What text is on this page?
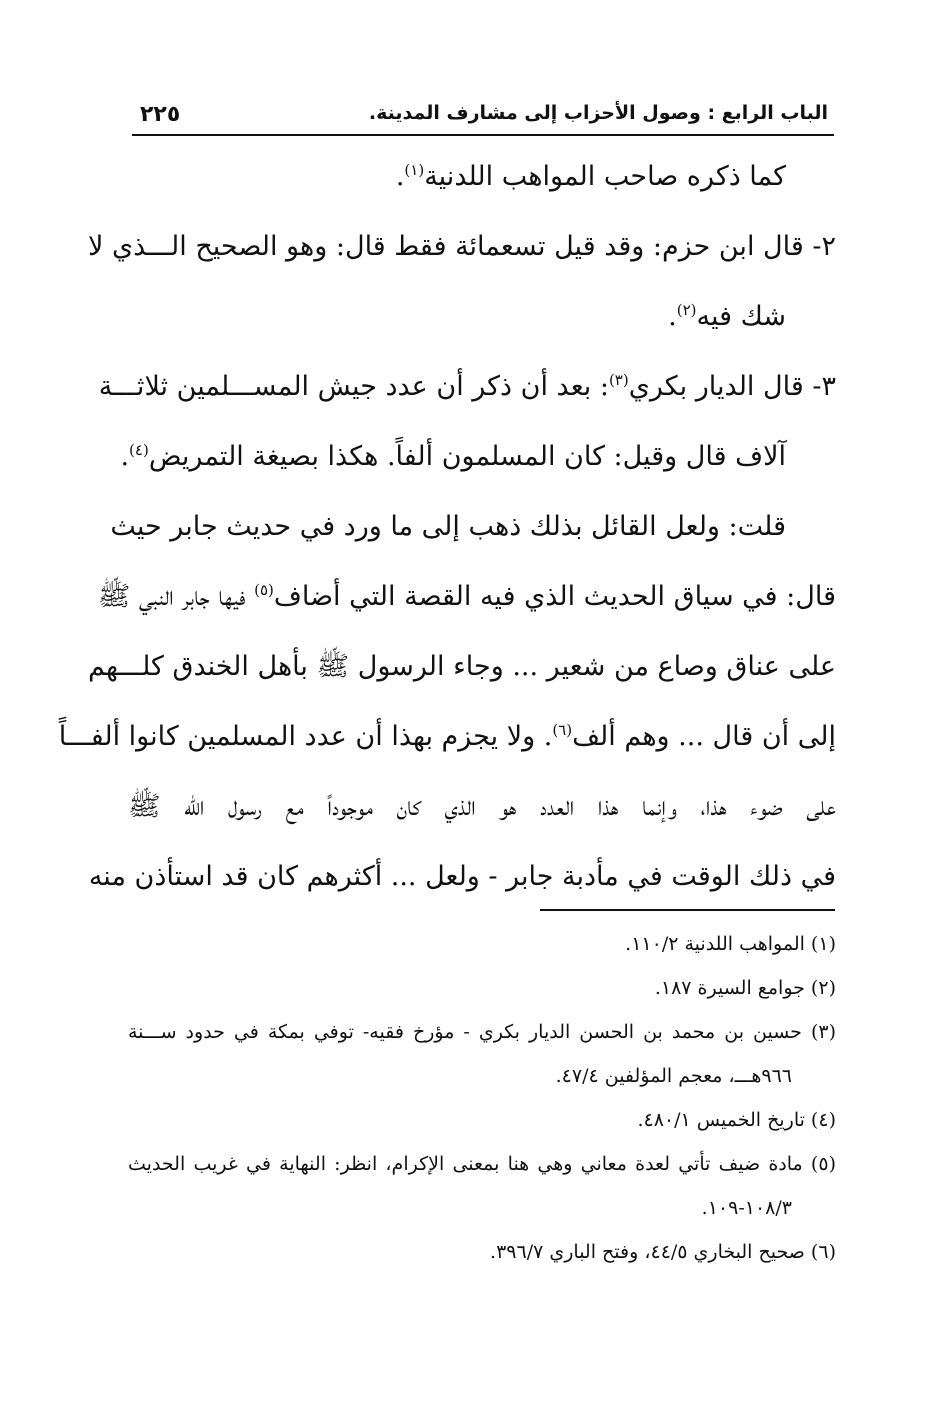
٢٢٥	الباب الرابع : وصول الأحزاب إلى مشارف المدينة.
كما ذكره صاحب المواهب اللدنية$^{(١)}$.
٢- قال ابن حزم: وقد قيل تسعمائة فقط قال: وهو الصحيح الـــذي لا
شك فيه$^{(٢)}$.
٣- قال الديار بكري$^{(٣)}$: بعد أن ذكر أن عدد جيش المســـلمين ثلاثـــة
آلاف قال وقيل: كان المسلمون ألفاً. هكذا بصيغة التمريض$^{(٤)}$.
قلت: ولعل القائل بذلك ذهب إلى ما ورد في حديث جابر حيث
قال: في سياق الحديث الذي فيه القصة التي أضاف$^{(٥)}$ فيها جابر النبي ﷺ
على عناق وصاع من شعير ... وجاء الرسول ﷺ بأهل الخندق كلـــهم
إلى أن قال ... وهم ألف$^{(٦)}$. ولا يجزم بهذا أن عدد المسلمين كانوا ألفـــاً
على ضوء هذا، وإنما هذا العدد هو الذي كان موجوداً مع رسول الله ﷺ
في ذلك الوقت في مأدبة جابر - ولعل ... أكثرهم كان قد استأذن منه
(١) المواهب اللدنية ١١٠/٢.
(٢) جوامع السيرة ١٨٧.
(٣) حسين بن محمد بن الحسن الديار بكري - مؤرخ فقيه- توفي بمكة في حدود ســـنة
٩٦٦هـــ، معجم المؤلفين ٤٧/٤.
(٤) تاريخ الخميس ٤٨٠/١.
(٥) مادة ضيف تأتي لعدة معاني وهي هنا بمعنى الإكرام، انظر: النهاية في غريب الحديث
١٠٨/٣-١٠٩.
(٦) صحيح البخاري ٤٤/٥، وفتح الباري ٣٩٦/٧.
